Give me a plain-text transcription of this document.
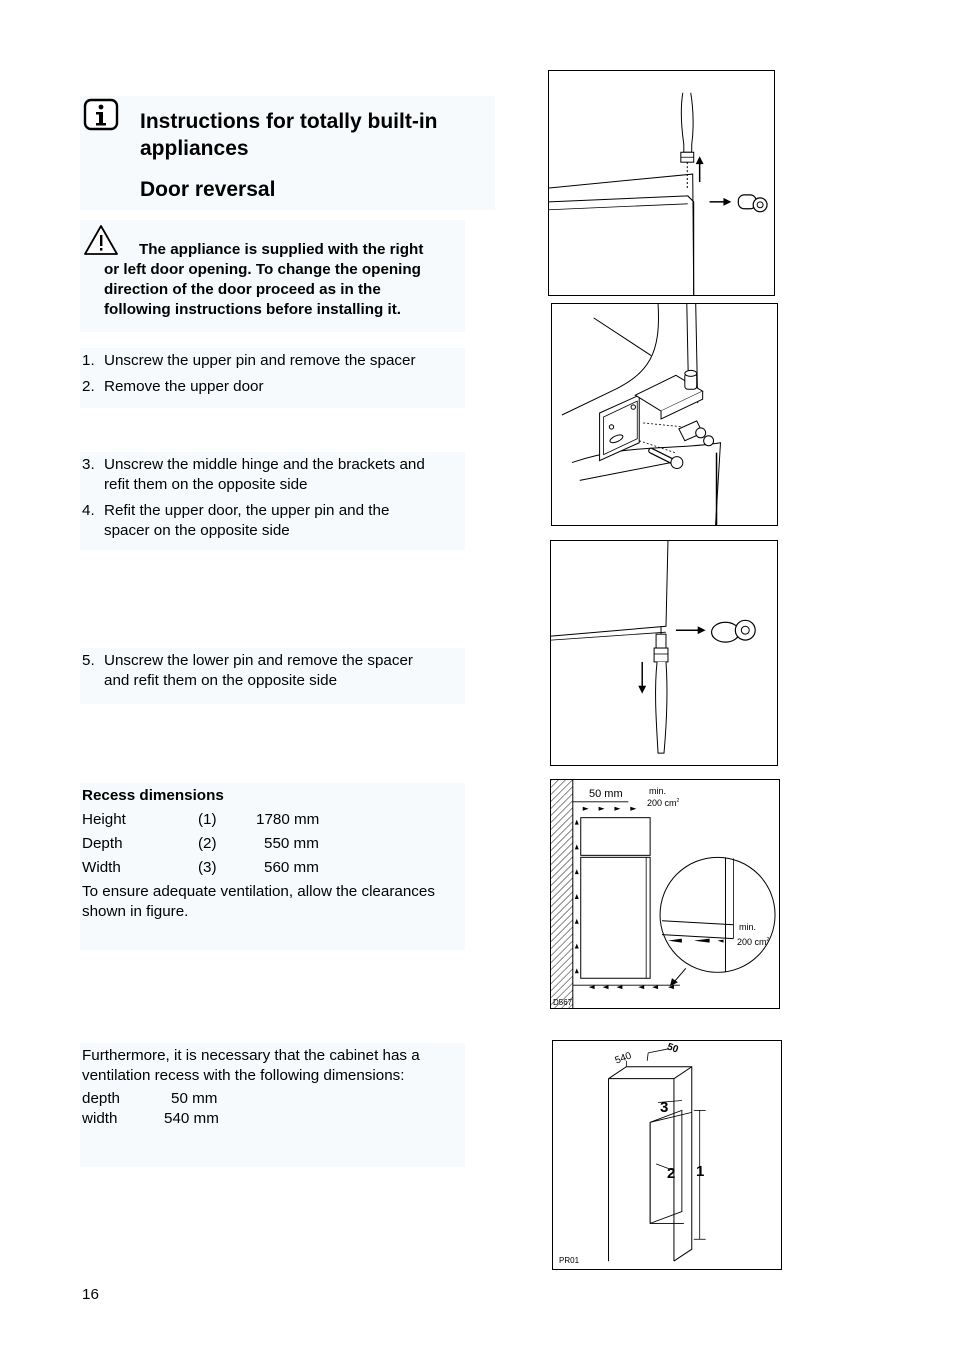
Instructions for totally built-in
appliances
Door reversal
The appliance is supplied with the right
or left door opening. To change the opening
direction of the door proceed as in the
following instructions before installing it.
1. Unscrew the upper pin and remove the spacer
2. Remove the upper door
3. Unscrew the middle hinge and the brackets and
refit them on the opposite side
4. Refit the upper door, the upper pin and the
spacer on the opposite side
5. Unscrew the lower pin and remove the spacer
and refit them on the opposite side
Recess dimensions
Height	(1)	1780 mm
Depth	(2)	550 mm
Width	(3)	560 mm
To ensure adequate ventilation, allow the clearances
shown in figure.
Furthermore, it is necessary that the cabinet has a
ventilation recess with the following dimensions:
depth	50 mm
width	540 mm
16
50 mm	min.
200 $cm^2$
min.
200 $cm^2$
D567
540
50
3
2 1
PR01
